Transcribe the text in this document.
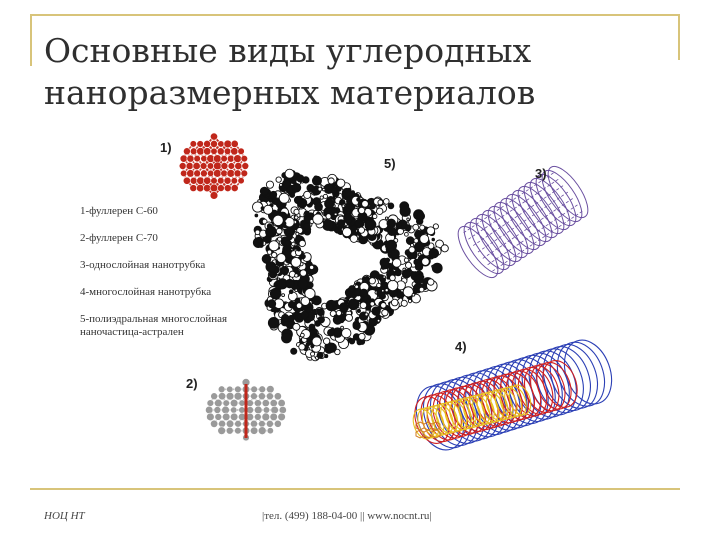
Основные виды углеродных
наноразмерных материалов
1-фуллерен С-60
2-фуллерен С-70
3-однослойная нанотрубка
4-многослойная нанотрубка
5-полиэдральная многослойная наночастица-астрален
1)
2)
3)
4)
5)
НОЦ НТ	|тел. (499) 188-04-00 || www.nocnt.ru|
